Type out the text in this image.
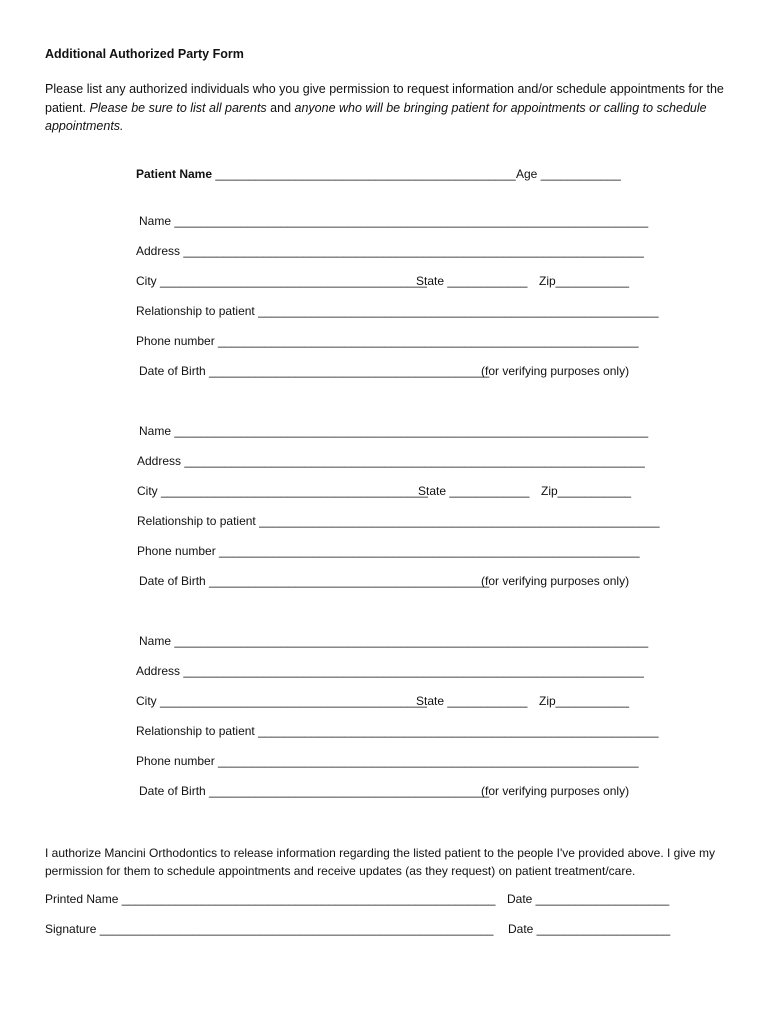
Additional Authorized Party Form
Please list any authorized individuals who you give permission to request information and/or schedule appointments for the patient. Please be sure to list all parents and anyone who will be bringing patient for appointments or calling to schedule appointments.
Patient Name _____________________________________________ Age ____________
Name _______________________________________________________________________
Address _____________________________________________________________________
City ________________________________________
State ____________ Zip___________
Relationship to patient ____________________________________________________________
Phone number _______________________________________________________________
Date of Birth __________________________________________
(for verifying purposes only)
Name _______________________________________________________________________
Address _____________________________________________________________________
City ________________________________________
State ____________ Zip___________
Relationship to patient ____________________________________________________________
Phone number _______________________________________________________________
Date of Birth __________________________________________
(for verifying purposes only)
Name _______________________________________________________________________
Address _____________________________________________________________________
City ________________________________________
State ____________ Zip___________
Relationship to patient ____________________________________________________________
Phone number _______________________________________________________________
Date of Birth __________________________________________
(for verifying purposes only)
I authorize Mancini Orthodontics to release information regarding the listed patient to the people I've provided above. I give my permission for them to schedule appointments and receive updates (as they request) on patient treatment/care.
Printed Name ________________________________________________________ Date ____________________
Signature ___________________________________________________________ Date ____________________
